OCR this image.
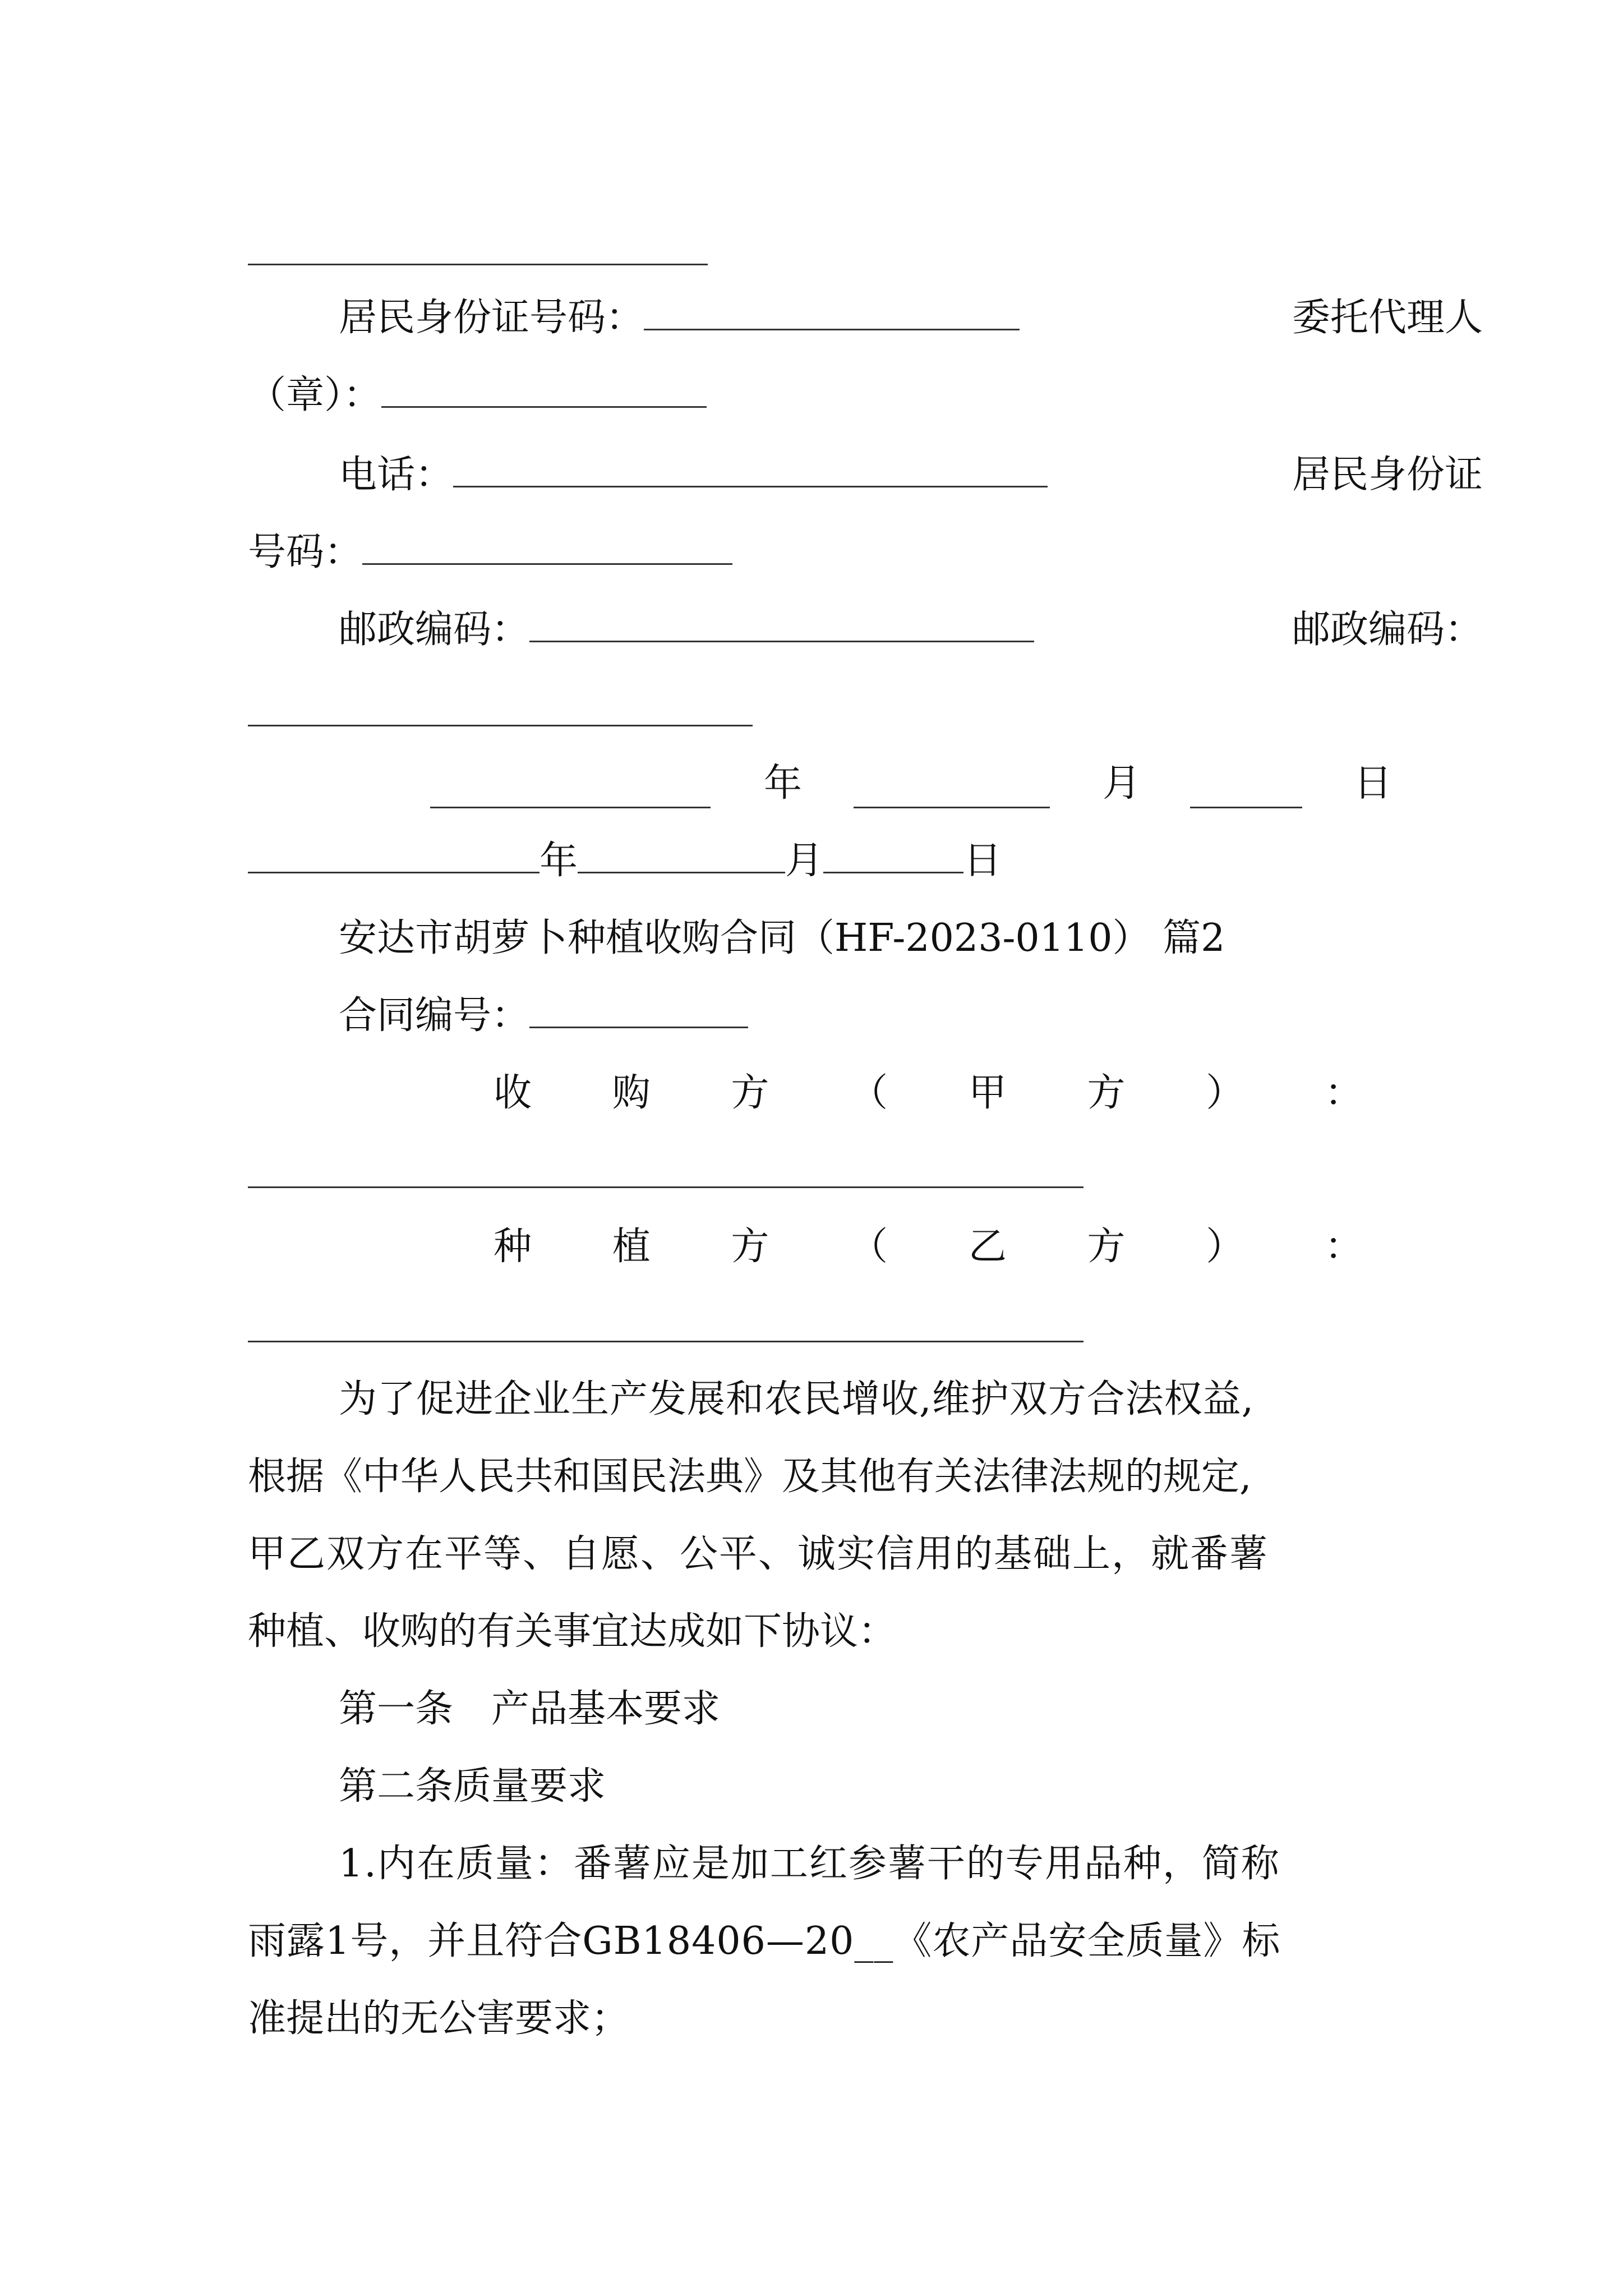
居民身份证号码：	委托代理人
（章）：
电话：	居民身份证
号码：
邮政编码：	邮政编码：
年	月	日
年	月	日
安达市胡萝卜种植收购合同（HF-2023-0110） 篇2
合同编号：
收 购 方 （ 甲 方 ） ：
种 植 方 （ 乙 方 ） ：
为了促进企业生产发展和农民增收,维护双方合法权益,
根据《中华人民共和国民法典》及其他有关法律法规的规定,
甲乙双方在平等、自愿、公平、诚实信用的基础上，就番薯
种植、收购的有关事宜达成如下协议：
第一条　产品基本要求
第二条质量要求
1.内在质量：番薯应是加工红参薯干的专用品种，简称
雨露1号，并且符合GB18406—20__《农产品安全质量》标
准提出的无公害要求；
